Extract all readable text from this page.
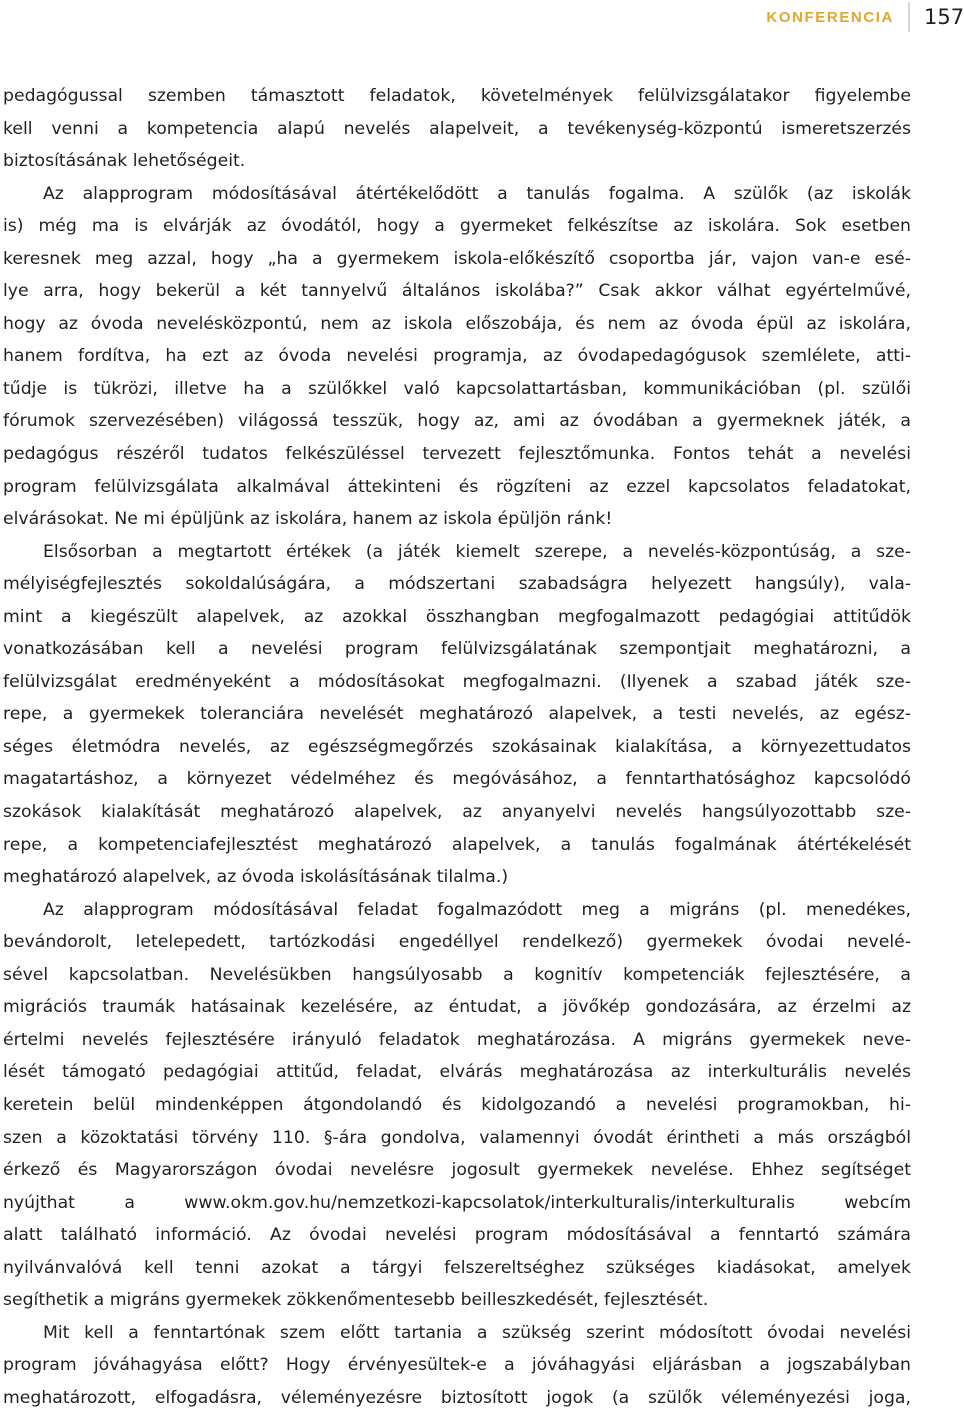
KONFERENCIA 157
pedagógussal szemben támasztott feladatok, követelmények felülvizsgálatakor figyelembe
kell venni a kompetencia alapú nevelés alapelveit, a tevékenység-központú ismeretszerzés
biztosításának lehetőségeit.
Az alapprogram módosításával átértékelődött a tanulás fogalma. A szülők (az iskolák
is) még ma is elvárják az óvodától, hogy a gyermeket felkészítse az iskolára. Sok esetben
keresnek meg azzal, hogy „ha a gyermekem iskola-előkészítő csoportba jár, vajon van-e esé-
lye arra, hogy bekerül a két tannyelvű általános iskolába?” Csak akkor válhat egyértelművé,
hogy az óvoda nevelésközpontú, nem az iskola előszobája, és nem az óvoda épül az iskolára,
hanem fordítva, ha ezt az óvoda nevelési programja, az óvodapedagógusok szemlélete, atti-
tűdje is tükrözi, illetve ha a szülőkkel való kapcsolattartásban, kommunikációban (pl. szülői
fórumok szervezésében) világossá tesszük, hogy az, ami az óvodában a gyermeknek játék, a
pedagógus részéről tudatos felkészüléssel tervezett fejlesztőmunka. Fontos tehát a nevelési
program felülvizsgálata alkalmával áttekinteni és rögzíteni az ezzel kapcsolatos feladatokat,
elvárásokat. Ne mi épüljünk az iskolára, hanem az iskola épüljön ránk!
Elsősorban a megtartott értékek (a játék kiemelt szerepe, a nevelés-központúság, a sze-
mélyiségfejlesztés sokoldalúságára, a módszertani szabadságra helyezett hangsúly), vala-
mint a kiegészült alapelvek, az azokkal összhangban megfogalmazott pedagógiai attitűdök
vonatkozásában kell a nevelési program felülvizsgálatának szempontjait meghatározni, a
felülvizsgálat eredményeként a módosításokat megfogalmazni. (Ilyenek a szabad játék sze-
repe, a gyermekek toleranciára nevelését meghatározó alapelvek, a testi nevelés, az egész-
séges életmódra nevelés, az egészségmegőrzés szokásainak kialakítása, a környezettudatos
magatartáshoz, a környezet védelméhez és megóvásához, a fenntarthatósághoz kapcsolódó
szokások kialakítását meghatározó alapelvek, az anyanyelvi nevelés hangsúlyozottabb sze-
repe, a kompetenciafejlesztést meghatározó alapelvek, a tanulás fogalmának átértékelését
meghatározó alapelvek, az óvoda iskolásításának tilalma.)
Az alapprogram módosításával feladat fogalmazódott meg a migráns (pl. menedékes,
bevándorolt, letelepedett, tartózkodási engedéllyel rendelkező) gyermekek óvodai nevelé-
sével kapcsolatban. Nevelésükben hangsúlyosabb a kognitív kompetenciák fejlesztésére, a
migrációs traumák hatásainak kezelésére, az éntudat, a jövőkép gondozására, az érzelmi az
értelmi nevelés fejlesztésére irányuló feladatok meghatározása. A migráns gyermekek neve-
lését támogató pedagógiai attitűd, feladat, elvárás meghatározása az interkulturális nevelés
keretein belül mindenképpen átgondolandó és kidolgozandó a nevelési programokban, hi-
szen a közoktatási törvény 110. §-ára gondolva, valamennyi óvodát érintheti a más országból
érkező és Magyarországon óvodai nevelésre jogosult gyermekek nevelése. Ehhez segítséget
nyújthat a www.okm.gov.hu/nemzetkozi-kapcsolatok/interkulturalis/interkulturalis webcím
alatt található információ. Az óvodai nevelési program módosításával a fenntartó számára
nyilvánvalóvá kell tenni azokat a tárgyi felszereltséghez szükséges kiadásokat, amelyek
segíthetik a migráns gyermekek zökkenőmentesebb beilleszkedését, fejlesztését.
Mit kell a fenntartónak szem előtt tartania a szükség szerint módosított óvodai nevelési
program jóváhagyása előtt? Hogy érvényesültek-e a jóváhagyási eljárásban a jogszabályban
meghatározott, elfogadásra, véleményezésre biztosított jogok (a szülők véleményezési joga,
